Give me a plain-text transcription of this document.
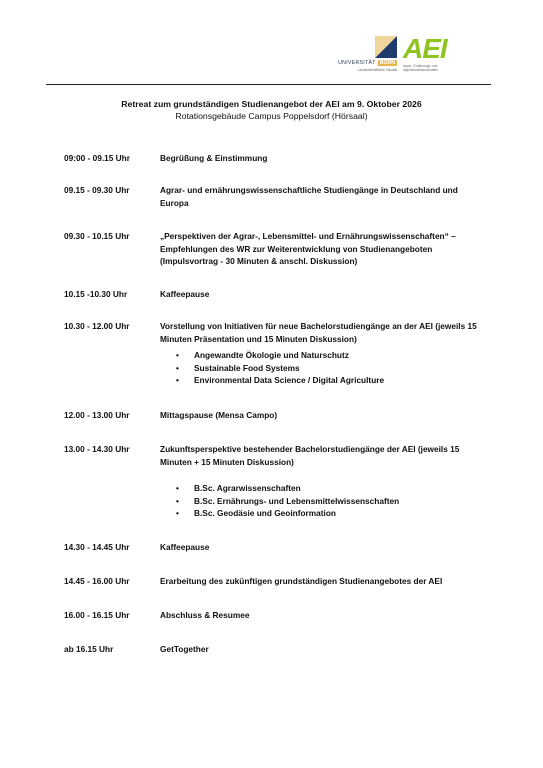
UNIVERSITÄT BONN
Landwirtschaftliche Fakultät
AEI
Agrar-, Ernährungs- und Ingenieurwissenschaften
Retreat zum grundständigen Studienangebot der AEI am 9. Oktober 2026
Rotationsgebäude Campus Poppelsdorf (Hörsaal)
09:00 - 09.15 Uhr	Begrüßung & Einstimmung
09.15 - 09.30 Uhr	Agrar- und ernährungswissenschaftliche Studiengänge in Deutschland und Europa
09.30 - 10.15 Uhr	„Perspektiven der Agrar-, Lebensmittel- und Ernährungswissenschaften“ – Empfehlungen des WR zur Weiterentwicklung von Studienangeboten (Impulsvortrag - 30 Minuten & anschl. Diskussion)
10.15 -10.30 Uhr	Kaffeepause
10.30 - 12.00 Uhr	Vorstellung von Initiativen für neue Bachelorstudiengänge an der AEI (jeweils 15 Minuten Präsentation und 15 Minuten Diskussion)
• Angewandte Ökologie und Naturschutz
• Sustainable Food Systems
• Environmental Data Science / Digital Agriculture
12.00 - 13.00 Uhr	Mittagspause (Mensa Campo)
13.00 - 14.30 Uhr	Zukunftsperspektive bestehender Bachelorstudiengänge der AEI (jeweils 15 Minuten + 15 Minuten Diskussion)
• B.Sc. Agrarwissenschaften
• B.Sc. Ernährungs- und Lebensmittelwissenschaften
• B.Sc. Geodäsie und Geoinformation
14.30 - 14.45 Uhr	Kaffeepause
14.45 - 16.00 Uhr	Erarbeitung des zukünftigen grundständigen Studienangebotes der AEI
16.00 - 16.15 Uhr	Abschluss & Resumee
ab 16.15 Uhr	GetTogether
